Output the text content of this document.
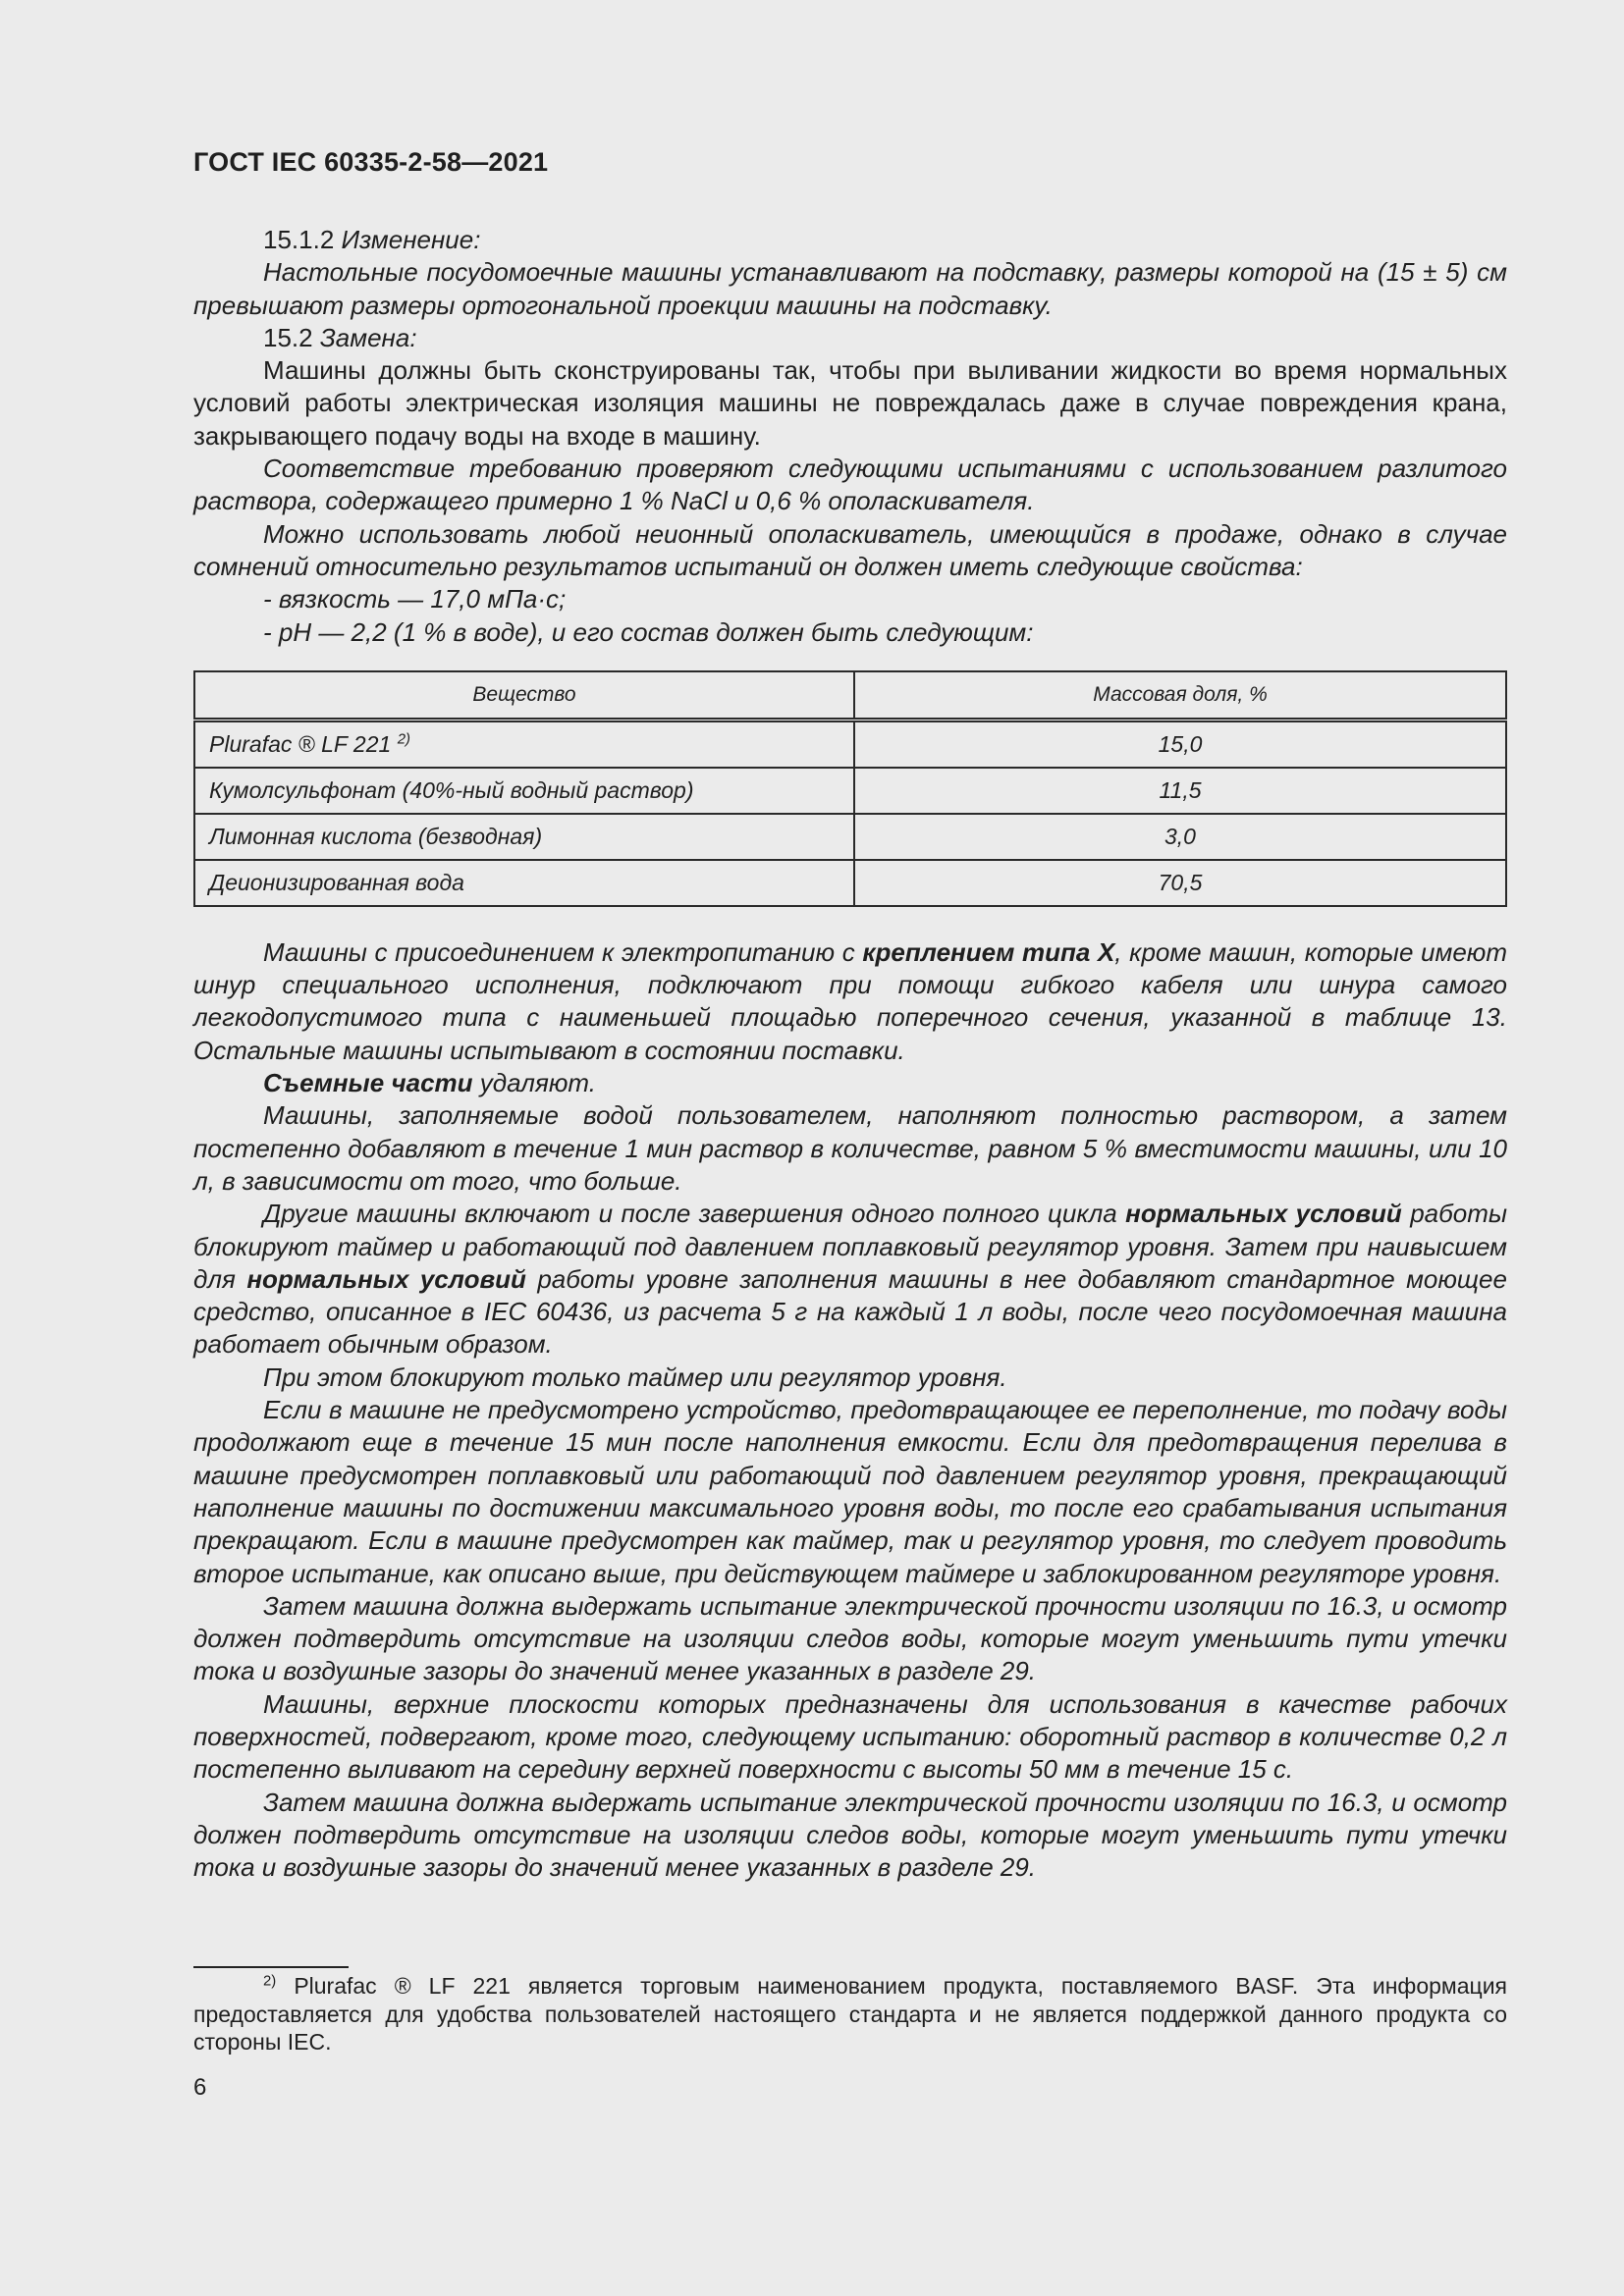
ГОСТ IEC 60335-2-58—2021

15.1.2 Изменение:

Настольные посудомоечные машины устанавливают на подставку, размеры которой на (15 ± 5) см превышают размеры ортогональной проекции машины на подставку.

15.2 Замена:

Машины должны быть сконструированы так, чтобы при выливании жидкости во время нормальных условий работы электрическая изоляция машины не повреждалась даже в случае повреждения крана, закрывающего подачу воды на входе в машину.

Соответствие требованию проверяют следующими испытаниями с использованием разлитого раствора, содержащего примерно 1 % NaCl и 0,6 % ополаскивателя.

Можно использовать любой неионный ополаскиватель, имеющийся в продаже, однако в случае сомнений относительно результатов испытаний он должен иметь следующие свойства:

- вязкость — 17,0 мПа·с;

- pH — 2,2 (1 % в воде), и его состав должен быть следующим:

Вещество	Массовая доля, %
Plurafac ® LF 221 $^{2)}$	15,0
Кумолсульфонат (40%-ный водный раствор)	11,5
Лимонная кислота (безводная)	3,0
Деионизированная вода	70,5

Машины с присоединением к электропитанию с креплением типа X, кроме машин, которые имеют шнур специального исполнения, подключают при помощи гибкого кабеля или шнура самого легкодопустимого типа с наименьшей площадью поперечного сечения, указанной в таблице 13. Остальные машины испытывают в состоянии поставки.

Съемные части удаляют.

Машины, заполняемые водой пользователем, наполняют полностью раствором, а затем постепенно добавляют в течение 1 мин раствор в количестве, равном 5 % вместимости машины, или 10 л, в зависимости от того, что больше.

Другие машины включают и после завершения одного полного цикла нормальных условий работы блокируют таймер и работающий под давлением поплавковый регулятор уровня. Затем при наивысшем для нормальных условий работы уровне заполнения машины в нее добавляют стандартное моющее средство, описанное в IEC 60436, из расчета 5 г на каждый 1 л воды, после чего посудомоечная машина работает обычным образом.

При этом блокируют только таймер или регулятор уровня.

Если в машине не предусмотрено устройство, предотвращающее ее переполнение, то подачу воды продолжают еще в течение 15 мин после наполнения емкости. Если для предотвращения перелива в машине предусмотрен поплавковый или работающий под давлением регулятор уровня, прекращающий наполнение машины по достижении максимального уровня воды, то после его срабатывания испытания прекращают. Если в машине предусмотрен как таймер, так и регулятор уровня, то следует проводить второе испытание, как описано выше, при действующем таймере и заблокированном регуляторе уровня.

Затем машина должна выдержать испытание электрической прочности изоляции по 16.3, и осмотр должен подтвердить отсутствие на изоляции следов воды, которые могут уменьшить пути утечки тока и воздушные зазоры до значений менее указанных в разделе 29.

Машины, верхние плоскости которых предназначены для использования в качестве рабочих поверхностей, подвергают, кроме того, следующему испытанию: оборотный раствор в количестве 0,2 л постепенно выливают на середину верхней поверхности с высоты 50 мм в течение 15 с.

Затем машина должна выдержать испытание электрической прочности изоляции по 16.3, и осмотр должен подтвердить отсутствие на изоляции следов воды, которые могут уменьшить пути утечки тока и воздушные зазоры до значений менее указанных в разделе 29.

$^{2)}$ Plurafac ® LF 221 является торговым наименованием продукта, поставляемого BASF. Эта информация предоставляется для удобства пользователей настоящего стандарта и не является поддержкой данного продукта со стороны IEC.
6
